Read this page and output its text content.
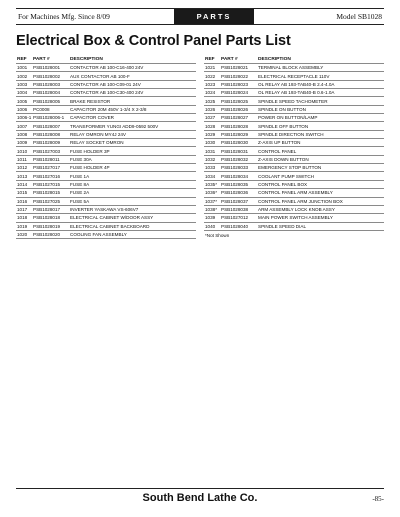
For Machines Mfg. Since 8/09	PARTS	Model SB1028
Electrical Box & Control Panel Parts List
REF	PART #	DESCRIPTION
1001	PSB1028001	CONTACTOR AB 100-C16-400 24V
1002	PSB1028002	AUX CONTACTOR AB 100-F
1003	PSB1028003	CONTACTOR AB 100-C09-01 24V
1004	PSB1028004	CONTACTOR AB 100-C30-400 24V
1005	PSB1028005	BRAKE RESISTOR
1006	PC0008	CAPACITOR 20M 450V 1-3/4 X 2-3/8
1006-1 PSB1028006-1	CAPACITOR COVER
1007	PSB1028007	TRANSFORMER YUNGI ADD9-0592 500V
1008	PSB1028008	RELAY OMRON MY4J 24V
1009	PSB1028009	RELAY SOCKET OMRON
1010	PSB1027003	FUSE HOLDER 3P
1011	PSB1028011	FUSE 30A
1012	PSB1027017	FUSE HOLDER 4P
1013	PSB1027016	FUSE 1A
1014	PSB1027015	FUSE 8A
1015	PSB1028015	FUSE 2A
1016	PSB1027025	FUSE 5A
1017	PSB1028017	INVERTER YASKAWA VS-606V7
1018	PSB1028018	ELECTRICAL CABINET W/DOOR ASSY
1019	PSB1028019	ELECTRICAL CABINET BACKBOARD
1020	PSB1028020	COOLING FAN ASSEMBLY
REF	PART #	DESCRIPTION
1021	PSB1028021	TERMINAL BLOCK ASSEMBLY
1022	PSB1028022	ELECTRICAL RECEPTACLE 110V
1023	PSB1028023	OL RELAY AB 193-TAB40-B 2.4-4.0A
1024	PSB1028024	OL RELAY AB 193-TAB40-B 0.6-1.0A
1025	PSB1028025	SPINDLE SPEED TACHOMETER
1026	PSB1028026	SPINDLE ON BUTTON
1027	PSB1028027	POWER ON BUTTON/LAMP
1028	PSB1028028	SPINDLE OFF BUTTON
1029	PSB1028029	SPINDLE DIRECTION SWITCH
1030	PSB1028030	Z-AXIS UP BUTTON
1031	PSB1028031	CONTROL PANEL
1032	PSB1028032	Z-AXIS DOWN BUTTON
1033	PSB1028033	EMERGENCY STOP BUTTON
1034	PSB1028034	COOLANT PUMP SWITCH
1035* PSB1028035	CONTROL PANEL BOX
1036* PSB1028036	CONTROL PANEL ARM ASSEMBLY
1037* PSB1028037	CONTROL PANEL ARM JUNCTION BOX
1038* PSB1028038	ARM ASSEMBLY LOCK KNOB ASSY
1039	PSB1027012	MAIN POWER SWITCH ASSEMBLY
1040	PSB1028040	SPINDLE SPEED DIAL
*Not Shown
South Bend Lathe Co.	-85-
